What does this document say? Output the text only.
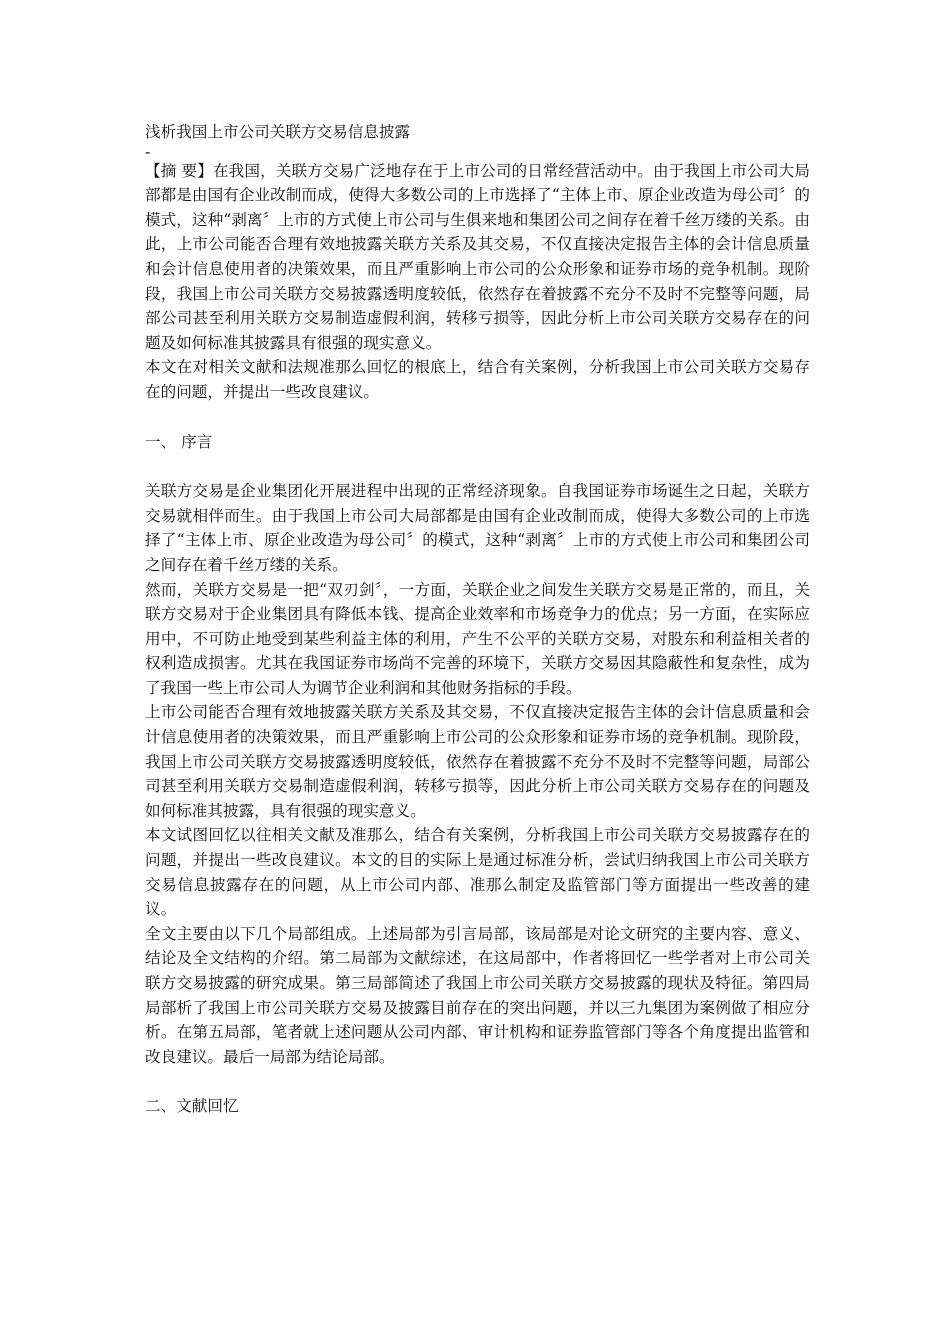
浅析我国上市公司关联方交易信息披露
-

【摘 要】在我国，关联方交易广泛地存在于上市公司的日常经营活动中。由于我国上市公司大局部都是由国有企业改制而成，使得大多数公司的上市选择了“主体上市、原企业改造为母公司〞的模式，这种“剥离〞上市的方式使上市公司与生俱来地和集团公司之间存在着千丝万缕的关系。由此，上市公司能否合理有效地披露关联方关系及其交易，不仅直接决定报告主体的会计信息质量和会计信息使用者的决策效果，而且严重影响上市公司的公众形象和证券市场的竞争机制。现阶段，我国上市公司关联方交易披露透明度较低，依然存在着披露不充分不及时不完整等问题，局部公司甚至利用关联方交易制造虚假利润，转移亏损等，因此分析上市公司关联方交易存在的问题及如何标准其披露具有很强的现实意义。

本文在对相关文献和法规准那么回忆的根底上，结合有关案例，分析我国上市公司关联方交易存在的问题，并提出一些改良建议。

一、 序言

关联方交易是企业集团化开展进程中出现的正常经济现象。自我国证券市场诞生之日起，关联方交易就相伴而生。由于我国上市公司大局部都是由国有企业改制而成，使得大多数公司的上市选择了“主体上市、原企业改造为母公司〞的模式，这种“剥离〞上市的方式使上市公司和集团公司之间存在着千丝万缕的关系。

然而，关联方交易是一把“双刃剑〞，一方面，关联企业之间发生关联方交易是正常的，而且，关联方交易对于企业集团具有降低本钱、提高企业效率和市场竞争力的优点；另一方面，在实际应用中，不可防止地受到某些利益主体的利用，产生不公平的关联方交易，对股东和利益相关者的权利造成损害。尤其在我国证券市场尚不完善的环境下，关联方交易因其隐蔽性和复杂性，成为了我国一些上市公司人为调节企业利润和其他财务指标的手段。

上市公司能否合理有效地披露关联方关系及其交易，不仅直接决定报告主体的会计信息质量和会计信息使用者的决策效果，而且严重影响上市公司的公众形象和证券市场的竞争机制。现阶段，我国上市公司关联方交易披露透明度较低，依然存在着披露不充分不及时不完整等问题，局部公司甚至利用关联方交易制造虚假利润，转移亏损等，因此分析上市公司关联方交易存在的问题及如何标准其披露，具有很强的现实意义。

本文试图回忆以往相关文献及准那么，结合有关案例，分析我国上市公司关联方交易披露存在的问题，并提出一些改良建议。本文的目的实际上是通过标准分析，尝试归纳我国上市公司关联方交易信息披露存在的问题，从上市公司内部、准那么制定及监管部门等方面提出一些改善的建议。

全文主要由以下几个局部组成。上述局部为引言局部，该局部是对论文研究的主要内容、意义、结论及全文结构的介绍。第二局部为文献综述，在这局部中，作者将回忆一些学者对上市公司关联方交易披露的研究成果。第三局部简述了我国上市公司关联方交易披露的现状及特征。第四局局部析了我国上市公司关联方交易及披露目前存在的突出问题，并以三九集团为案例做了相应分析。在第五局部，笔者就上述问题从公司内部、审计机构和证券监管部门等各个角度提出监管和改良建议。最后一局部为结论局部。

二、文献回忆
